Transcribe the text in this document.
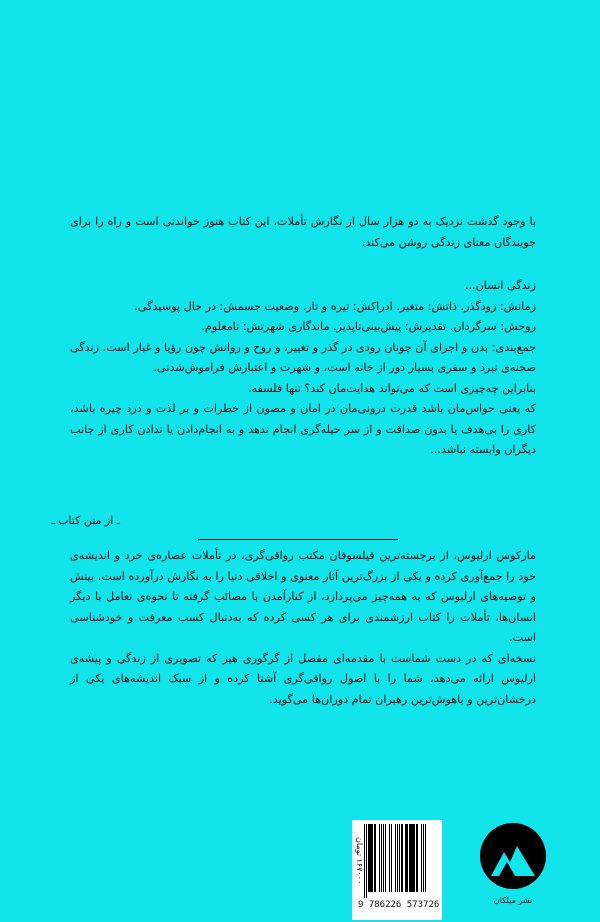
با وجود گذشت نزدیک به دو هزار سال از نگارش تأملات، این کتاب هنوز خواندنی است و راه را برای جویندگان معنای زندگی روشن می‌کند.

زندگی انسان...

زمانش: زودگذر. ذاتش: متغیر. ادراکش: تیره و تار. وضعیت جسمش: در حال پوسیدگی.

روحش: سرگردان. تقدیرش: پیش‌بینی‌ناپذیر. ماندگاری شهرتش: نامعلوم.

جمع‌بندی: بدن و اجزای آن چونان رودی در گذر و تغییر، و روح و روانش چون رؤیا و غبار است. زندگی صحنه‌ی نبرد و سفری بسیار دور از خانه است، و شهرت و اعتبارش فراموش‌شدنی.

بنابراین چه‌چیزی است که می‌تواند هدایت‌مان کند؟ تنها فلسفه.

که یعنی حواس‌مان باشد قدرت درونی‌مان در امان و مصون از خطرات و بر لذت و درد چیره باشد، کاری را بی‌هدف یا بدون صداقت و از سر حیله‌گری انجام ندهد و به انجام‌دادن یا ندادن کاری از جانب دیگران وابسته نباشد...

ـ از متن کتاب ـ

مارکوس ارلیوس، از برجسته‌ترین فیلسوفان مکتب رواقی‌گری، در تأملات عصاره‌ی خرد و اندیشه‌ی خود را جمع‌آوری کرده و یکی از بزرگ‌ترین آثار معنوی و اخلاقی دنیا را به نگارش درآورده است. بینش و توصیه‌های ارلیوس که به همه‌چیز می‌پردازد، از کنارآمدن با مصائب گرفته تا نحوه‌ی تعامل با دیگر انسان‌ها، تأملات را کتاب ارزشمندی برای هر کسی کرده که به‌دنبال کسب معرفت و خودشناسی است.

نسخه‌ای که در دست شماست با مقدمه‌ای مفصل از گرگوری هیز که تصویری از زندگی و پیشه‌ی ارلیوس ارائه می‌دهد، شما را با اصول رواقی‌گری آشنا کرده و از سبک اندیشه‌های یکی از درخشان‌ترین و باهوش‌ترین رهبران تمام دوران‌ها می‌گوید.

۱۶۷۰۰۰ تومان
9 786226 573726	نشر میلکان
